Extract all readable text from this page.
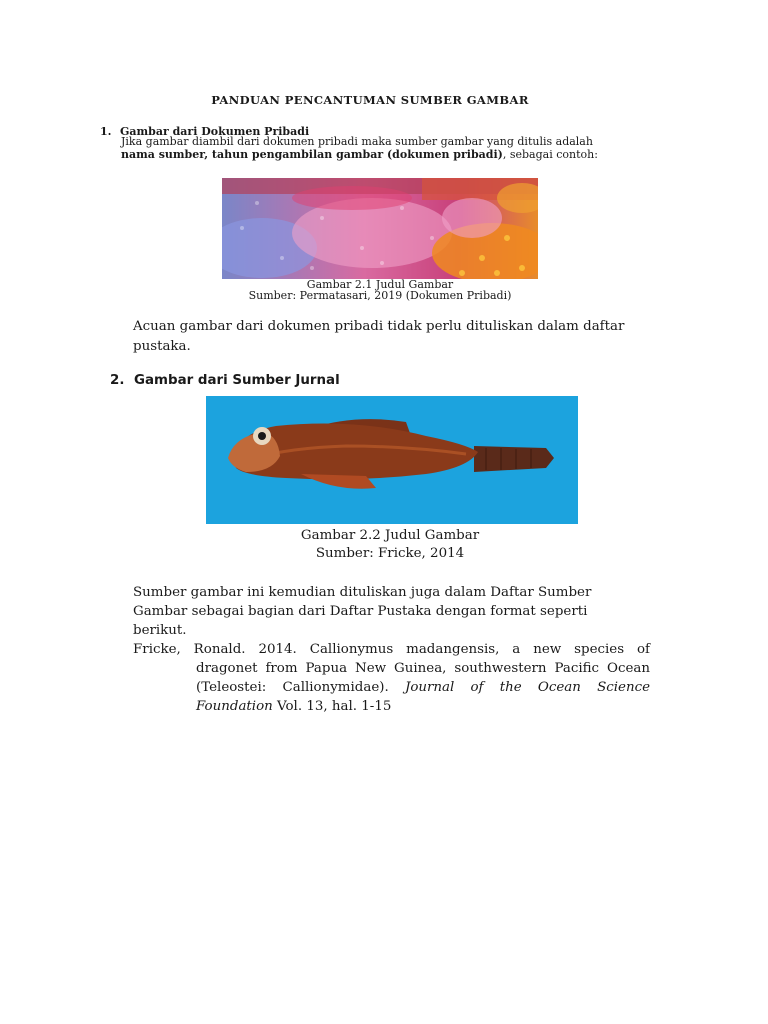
PANDUAN PENCANTUMAN SUMBER GAMBAR
1. Gambar dari Dokumen Pribadi
Jika gambar diambil dari dokumen pribadi maka sumber gambar yang ditulis adalah nama sumber, tahun pengambilan gambar (dokumen pribadi), sebagai contoh:
Gambar 2.1 Judul Gambar
Sumber: Permatasari, 2019 (Dokumen Pribadi)
Acuan gambar dari dokumen pribadi tidak perlu dituliskan dalam daftar pustaka.
2. Gambar dari Sumber Jurnal
Gambar 2.2 Judul Gambar
Sumber: Fricke, 2014
Sumber gambar ini kemudian dituliskan juga dalam Daftar Sumber Gambar sebagai bagian dari Daftar Pustaka dengan format seperti berikut.
Fricke, Ronald. 2014. Callionymus madangensis, a new species of
dragonet from Papua New Guinea, southwestern Pacific Ocean
(Teleostei: Callionymidae). Journal of the Ocean Science
Foundation Vol. 13, hal. 1-15
